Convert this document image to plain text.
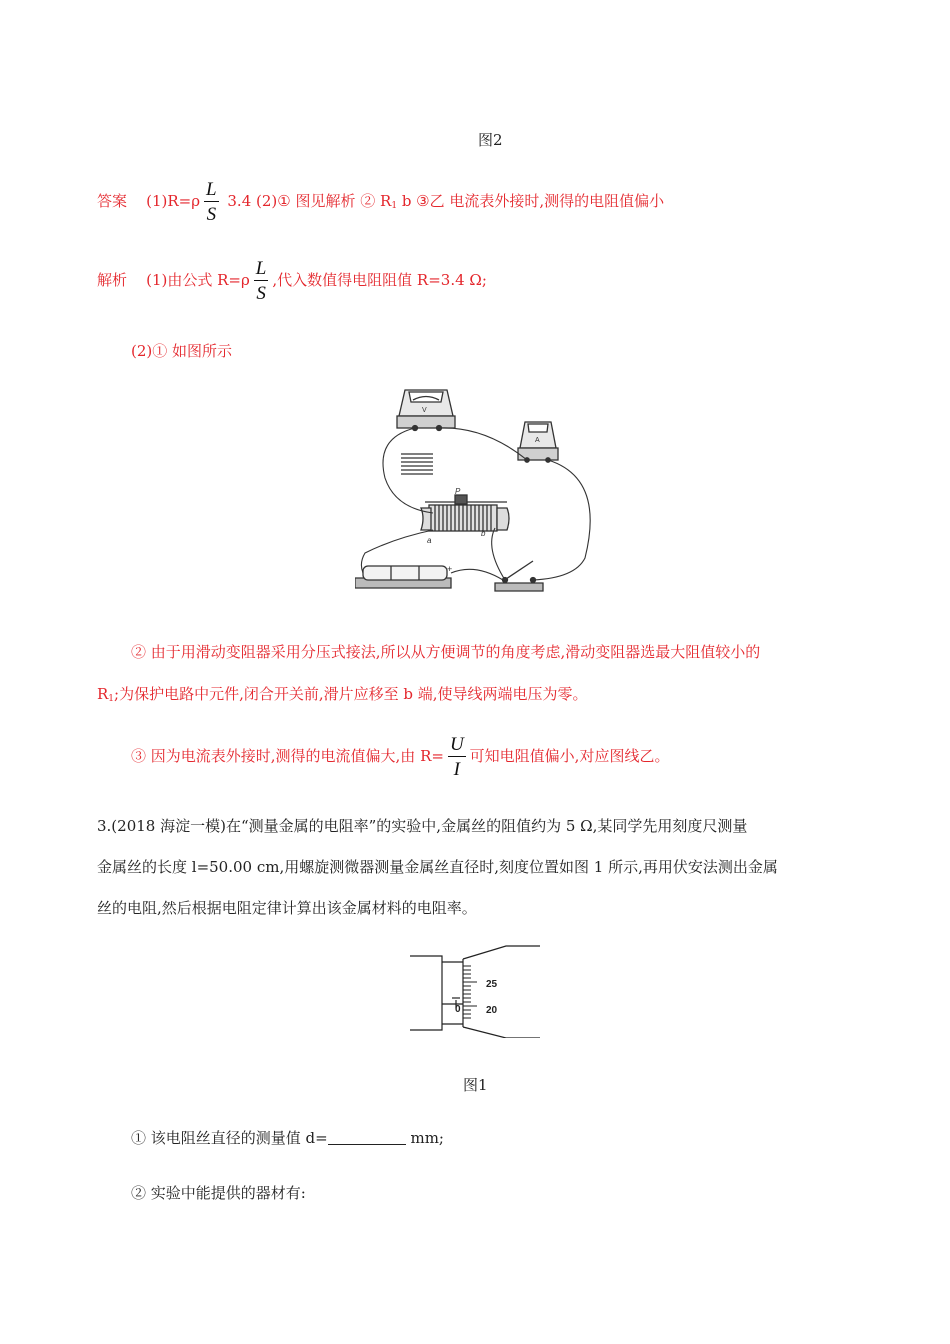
图2
答案 $(1)R=\rho \frac{L}{S} 3.4$ (2)① 图见解析 ② $R_1$ b ③乙 电流表外接时,测得的电阻值偏小
解析 (1)由公式 $R=\rho \frac{L}{S}$ ,代入数值得电阻阻值 R=3.4 Ω;
(2)① 如图所示
V
A
P
a
b
+
② 由于用滑动变阻器采用分压式接法,所以从方便调节的角度考虑,滑动变阻器选最大阻值较小的
$R_1$;为保护电路中元件,闭合开关前,滑片应移至 b 端,使导线两端电压为零。
③ 因为电流表外接时,测得的电流值偏大,由 $R= \frac{U}{I}$ 可知电阻值偏小,对应图线乙。
3.(2018 海淀一模)在“测量金属的电阻率”的实验中,金属丝的阻值约为 5 Ω,某同学先用刻度尺测量
金属丝的长度 l=50.00 cm,用螺旋测微器测量金属丝直径时,刻度位置如图 1 所示,再用伏安法测出金属
丝的电阻,然后根据电阻定律计算出该金属材料的电阻率。
25
20
0
图1
① 该电阻丝直径的测量值 d=	mm;
② 实验中能提供的器材有:
